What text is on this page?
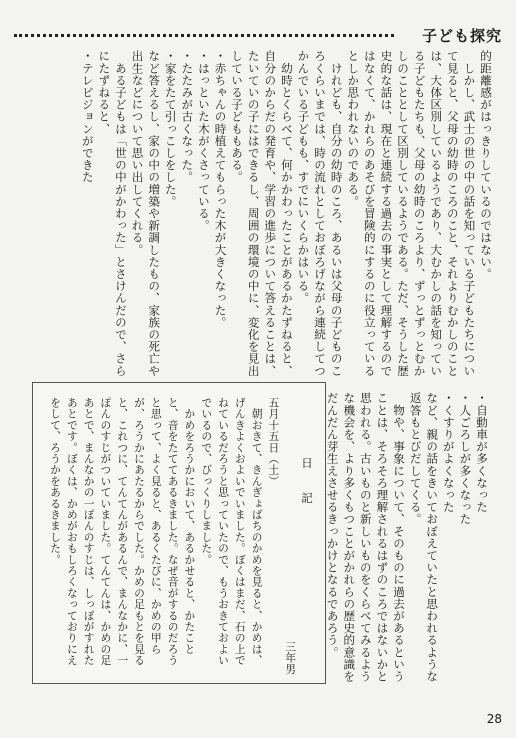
子ども探究

的距離感がはっきりしているのではない。

　しかし、武士の世の中の話を知っている子どもたちについて見ると、父母の幼時のころのこと、それよりむかしのことは、大体区別しているようであり、大むかしの話を知っている子どもたちも、父母の幼時のころより、ずっとずっとむかしのこととして区別しているようである。ただ、そうした歴史的な話は、現在と連続する過去の事実として理解するのではなくて、かれらのあそびを冒険的にするのに役立っているとしか思われないのである。

　けれども、自分の幼時のころ、あるいは父母の子どものころくらいまでは、時の流れとしておぼろげながら連続してつかんでいる子どもも、すでにいくらかはいる。

　幼時とくらべて、何かかわったことがあるかたずねると、自分のからだの発育や、学習の進歩について答えることは、たいていの子にはできるし、周囲の環境の中に、変化を見出している子どももある。

・赤ちゃんの時植えてもらった木が大きくなった。

・はっといた木がくさっている。

・たたみが古くなった。

・家をたて引っこしをした。

など答えるし、家の中の増築や新調したもの、家族の死亡や出生などについて思い出してくれる。

　ある子どもは「世の中がかわった」とさけんだので、さらにたずねると、

・テレビジョンができた

・自動車が多くなった

・人ごろしが多くなった

・くすりがよくなった

など、親の話をきいておぼえていたと思われるような返答もとびだしてくる。

　物や、事象について、そのものに過去があるということは、そろそろ理解されるはずのころではないかと思われる。古いものと新しいものをくらべてみるような機会を、より多くもつことがかれらの歴史的意識をだんだん芽生えさせるきっかけとなるであろう。

日　記

三年男

五月十五日（土）

　朝おきて、きんぎょばちのかめを見ると、かめは、げんきよくおよいでいました。ぼくはまだ、石の上でねているだろうと思っていたので、もうおきておよいでいるので、びっくりしました。

　かめをろうかにおいて、あるかせると、かたことと、音をたててあるきました。なぜ音がするのだろうと思って、よく見ると、あるくたびに、かめの甲らが、ろうかにあたるからでした。かめの足もとを見ると、これつに、てんてんがあるんで、まんなかに、一ぽんのすじがついていました。てんてんは、かめの足あとで、まんなかの一ぽんのすじは、しっぽがすれたあとです。ぼくは、かめがおもしろくなっておりにえをして、ろうかをあるきました。

28
